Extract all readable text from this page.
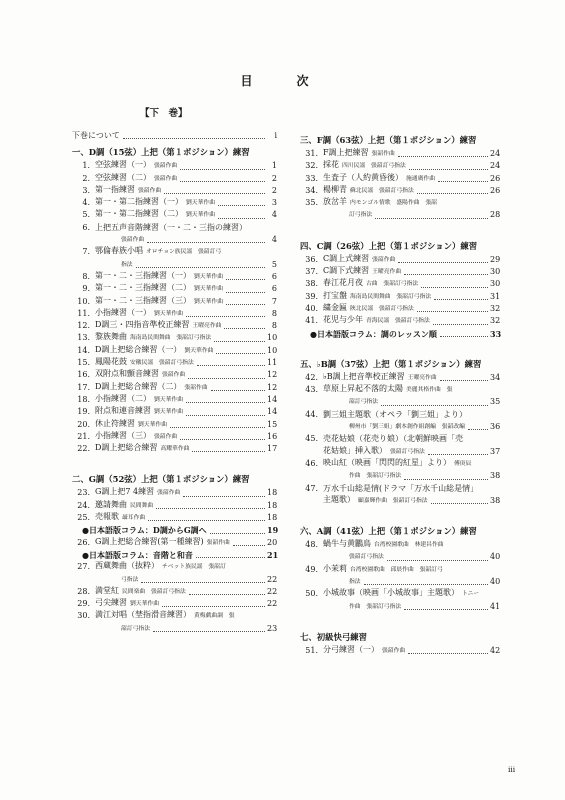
目　次
【下　巻】
下巻について	i
一、D調（15弦）上把（第１ポジション）練習
1. 空弦練習（一） 張韶作曲	1
2. 空弦練習（二） 張韶作曲	2
3. 第一指練習 張韶作曲	2
4. 第一・第二指練習（一） 劉天華作曲	3
5. 第一・第二指練習（二） 劉天華作曲	4
6. 上把五声音階練習（一・二・三指の練習）
張韶作曲	4
7. 鄂倫春族小唱 オロチョン族民謡　張韶訂弓
指法	5
8. 第一・二・三指練習（一） 劉天華作曲	6
9. 第一・二・三指練習（二） 劉天華作曲	6
10. 第一・二・三指練習（三） 劉天華作曲	7
11. 小指練習（一） 劉天華作曲	8
12. D調三・四指音準校正練習 王曜亮作曲	8
13. 黎族舞曲 海南島民間舞曲　張韶訂弓指法	10
14. D調上把総合練習（一） 劉天華作曲	10
15. 鳳陽花鼓 安徽民謡　張韶訂弓指法	11
16. 双附点和顫音練習 張韶作曲	12
17. D調上把総合練習（二） 張韶作曲	12
18. 小指練習（二） 劉天華作曲	14
19. 附点和連音練習 劉天華作曲	14
20. 休止符練習 劉天華作曲	15
21. 小指練習（三） 張韶作曲	16
22. D調上把総合練習 高耀華作曲	17
二、G調（52弦）上把（第１ポジション）練習
23. G調上把7 4練習 張韶作曲	18
24. 邀請舞曲 民間舞曲	18
25. 売報歌 聶耳作曲	18
●日本語版コラム：D調からG調へ	19
26. G調上把総合練習(第一種練習) 張韶作曲	20
●日本語版コラム：音階と和音	21
27. 西蔵舞曲（抜粋） チベット族民謡　張韶訂
弓指法	22
28. 満堂紅 民間楽曲　張韶訂弓指法	22
29. 弓尖練習 劉天華作曲	22
30. 満江対唱（埜指滑音練習） 黄梅戯曲調　張
韶訂弓指法	23
三、F調（63弦）上把（第１ポジション）練習
31. F調上把練習 張韶作曲	24
32. 採花 四川民謡　張韶訂弓指法	24
33. 生査子（人約黄昏後） 施通廣作曲	26
34. 楊柳青 蘇北民謡　張韶訂弓指法	26
35. 放岔羊 内モンゴル情歌　盛陽作曲　張韶
訂弓指法	28
四、C調（26弦）上把（第１ポジション）練習
36. C調上式練習 張韶作曲	29
37. C調下式練習 王曜亮作曲	30
38. 春江花月夜 古曲　張韶訂弓指法	30
39. 打宝盤 海南島民間舞曲　張韶訂弓指法	31
40. 繍金匾 陝北民謡　張韶訂弓指法	32
41. 花児与少年 青海民謡　張韶訂弓指法	32
●日本語版コラム：調のレッスン順	33
五、♭B調（37弦）上把（第１ポジション）練習
42. ♭B調上把音準校正練習 王曜亮作曲	34
43. 草原上昇起不落的太陽 美麗其格作曲　張
韶訂弓指法	35
44. 劉三姐主題歌（オペラ「劉三姐」より）
柳州市「劉三姐」劇本創作組創編　張韶改編	36
45. 売花姑娘（花売り娘）（北朝鮮映画「売
花姑娘」挿入歌） 張韶訂弓指法	37
46. 映山紅（映画「閃閃的紅星」より） 傅庚辰
作曲　張韶訂弓指法	38
47. 万水千山総是情(ドラマ「万水千山総是情」
主題歌） 顧嘉輝作曲　張韶訂弓指法	38
六、A調（41弦）上把（第１ポジション）練習
48. 蝸牛与黄鸝鳥 台湾校園歌曲　林建昌作曲
張韶訂弓指法	40
49. 小茉莉 台湾校園歌曲　邱晨作曲　張韶訂弓
指法	40
50. 小城故事（映画「小城故事」主題歌） トニー
作曲　張韶訂弓指法	41
七、初級快弓練習
51. 分弓練習（一） 張韶作曲	42
iii
